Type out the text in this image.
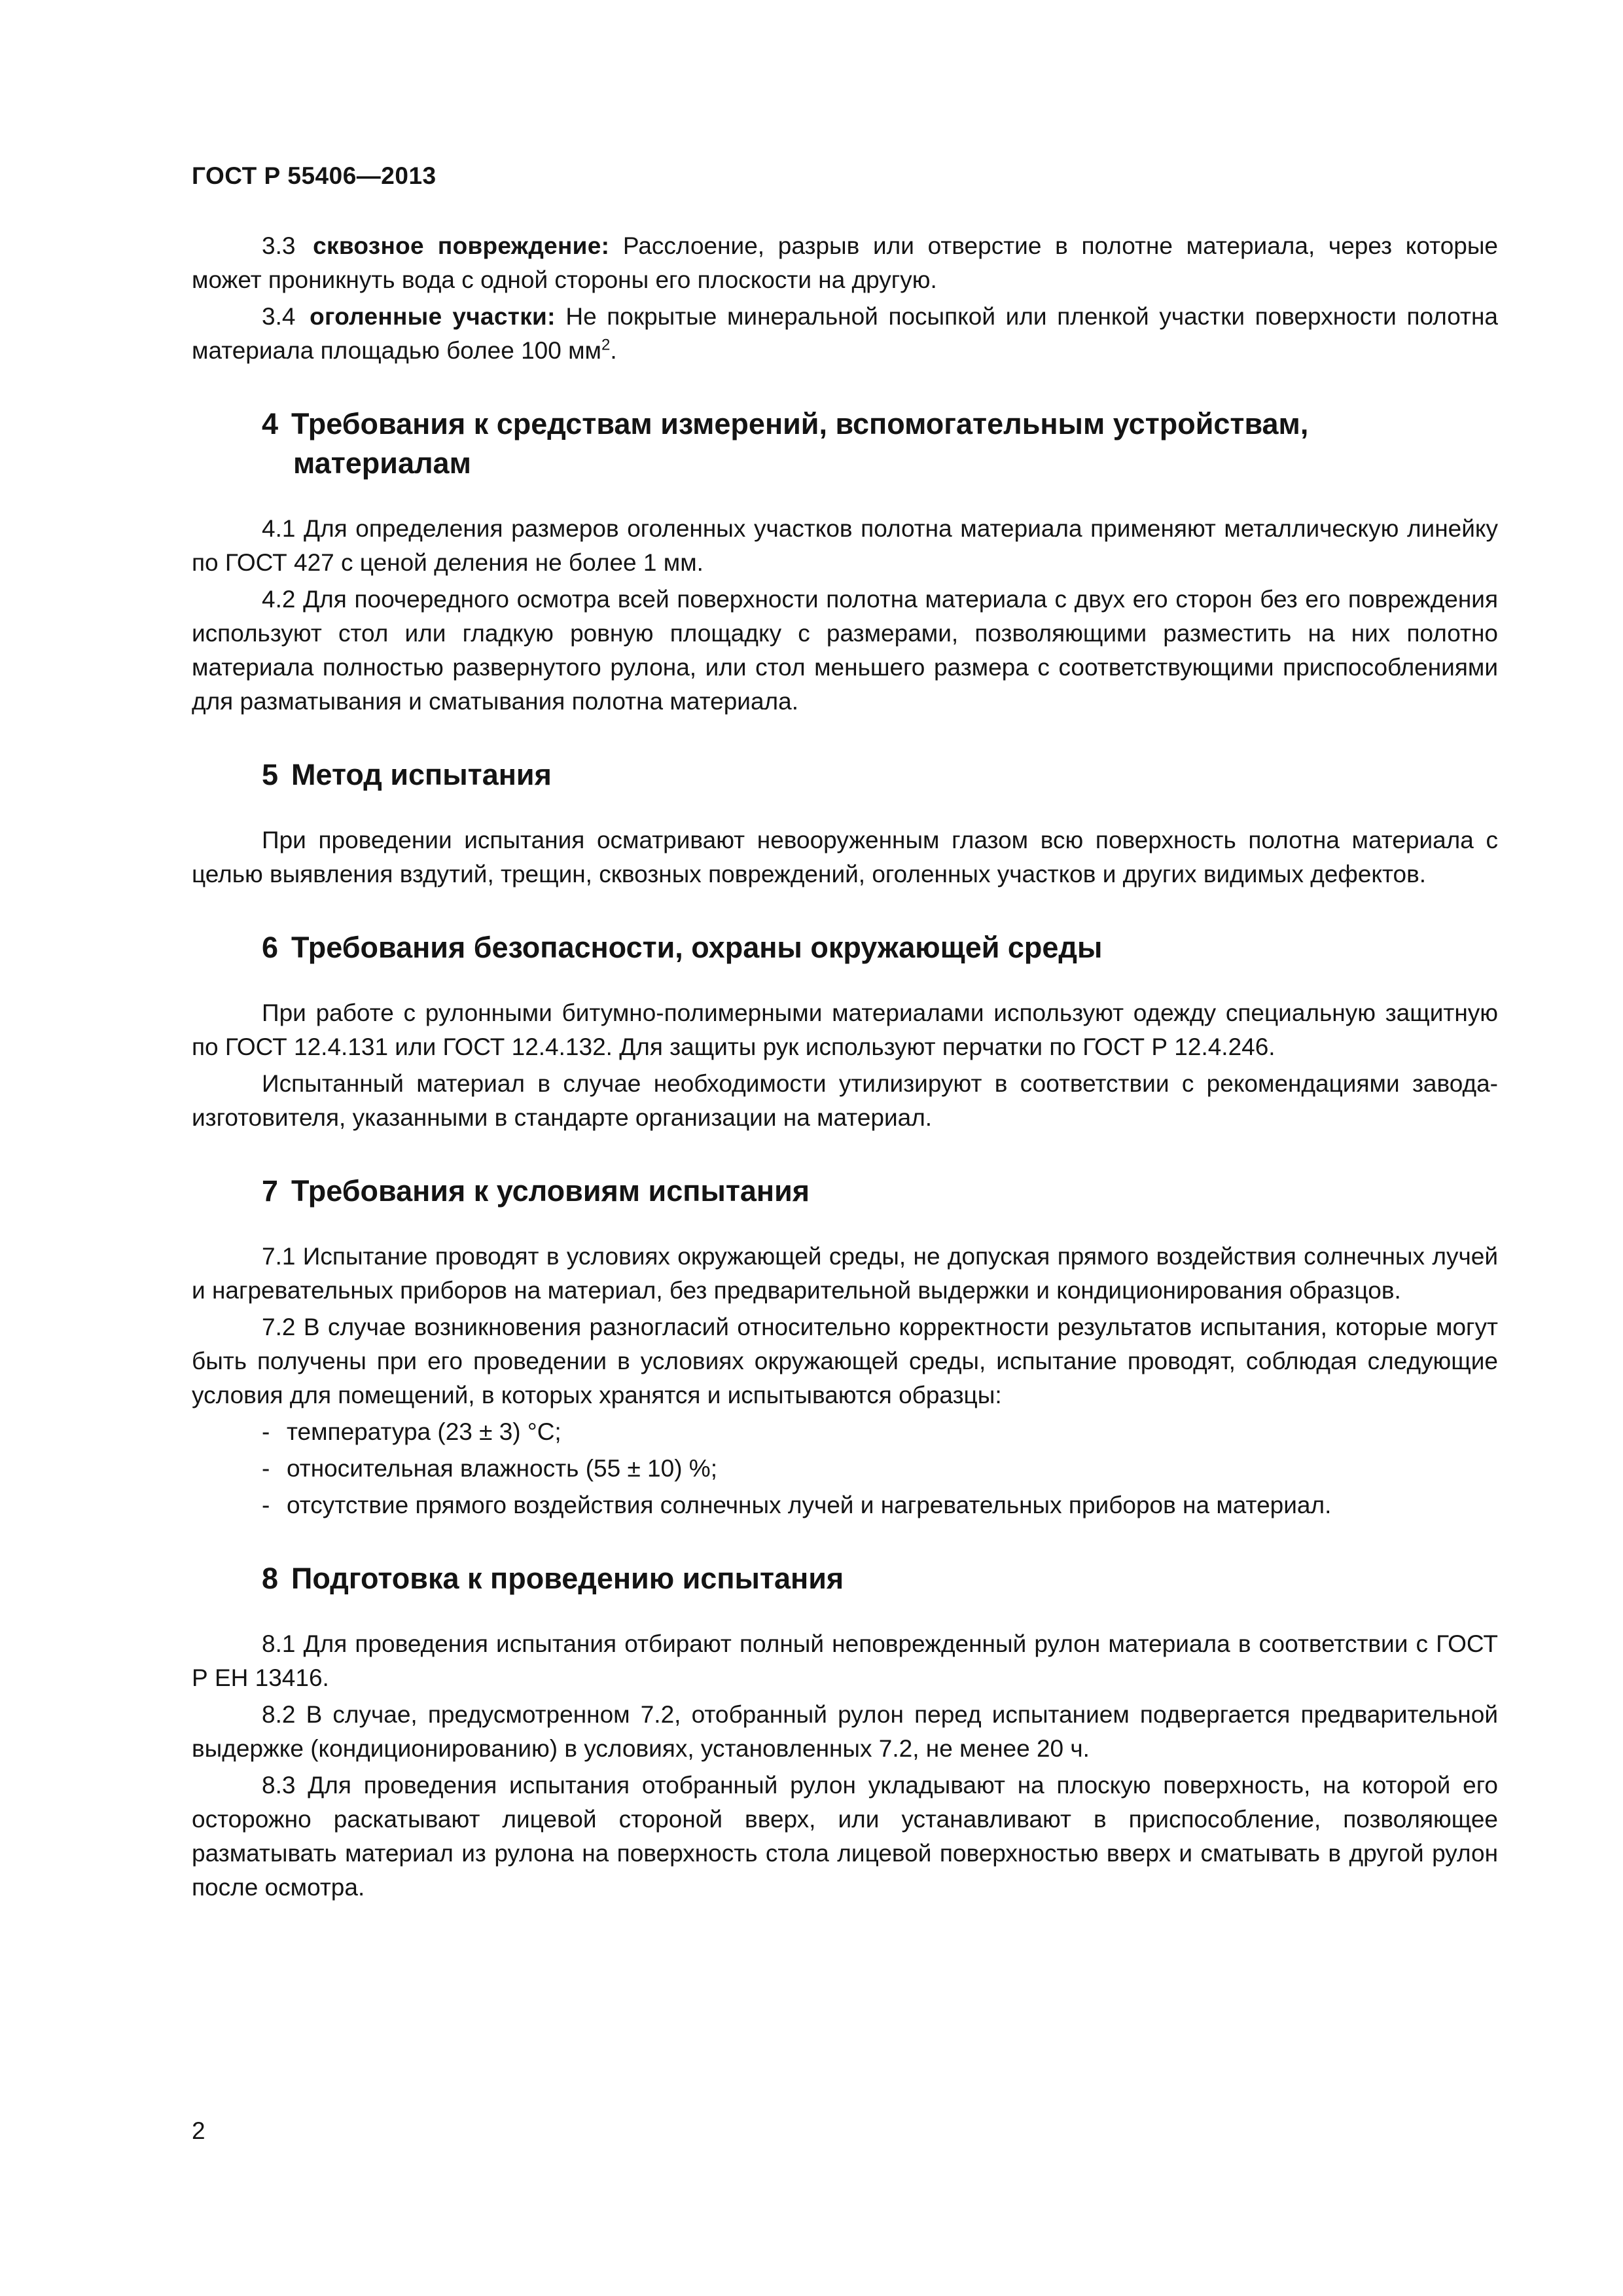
ГОСТ Р 55406—2013

3.3 сквозное повреждение: Расслоение, разрыв или отверстие в полотне материала, через которые может проникнуть вода с одной стороны его плоскости на другую.

3.4 оголенные участки: Не покрытые минеральной посыпкой или пленкой участки поверхности полотна материала площадью более 100 $мм^2$.

4 Требования к средствам измерений, вспомогательным устройствам,
материалам

4.1 Для определения размеров оголенных участков полотна материала применяют металлическую линейку по ГОСТ 427 с ценой деления не более 1 мм.

4.2 Для поочередного осмотра всей поверхности полотна материала с двух его сторон без его повреждения используют стол или гладкую ровную площадку с размерами, позволяющими разместить на них полотно материала полностью развернутого рулона, или стол меньшего размера с соответствующими приспособлениями для разматывания и сматывания полотна материала.

5 Метод испытания

При проведении испытания осматривают невооруженным глазом всю поверхность полотна материала с целью выявления вздутий, трещин, сквозных повреждений, оголенных участков и других видимых дефектов.

6 Требования безопасности, охраны окружающей среды

При работе с рулонными битумно-полимерными материалами используют одежду специальную защитную по ГОСТ 12.4.131 или ГОСТ 12.4.132. Для защиты рук используют перчатки по ГОСТ Р 12.4.246.

Испытанный материал в случае необходимости утилизируют в соответствии с рекомендациями завода-изготовителя, указанными в стандарте организации на материал.

7 Требования к условиям испытания

7.1 Испытание проводят в условиях окружающей среды, не допуская прямого воздействия солнечных лучей и нагревательных приборов на материал, без предварительной выдержки и кондиционирования образцов.

7.2 В случае возникновения разногласий относительно корректности результатов испытания, которые могут быть получены при его проведении в условиях окружающей среды, испытание проводят, соблюдая следующие условия для помещений, в которых хранятся и испытываются образцы:

- температура (23 ± 3) °С;
- относительная влажность (55 ± 10) %;
- отсутствие прямого воздействия солнечных лучей и нагревательных приборов на материал.
8 Подготовка к проведению испытания

8.1 Для проведения испытания отбирают полный неповрежденный рулон материала в соответствии с ГОСТ Р ЕН 13416.

8.2 В случае, предусмотренном 7.2, отобранный рулон перед испытанием подвергается предварительной выдержке (кондиционированию) в условиях, установленных 7.2, не менее 20 ч.

8.3 Для проведения испытания отобранный рулон укладывают на плоскую поверхность, на которой его осторожно раскатывают лицевой стороной вверх, или устанавливают в приспособление, позволяющее разматывать материал из рулона на поверхность стола лицевой поверхностью вверх и сматывать в другой рулон после осмотра.

2
